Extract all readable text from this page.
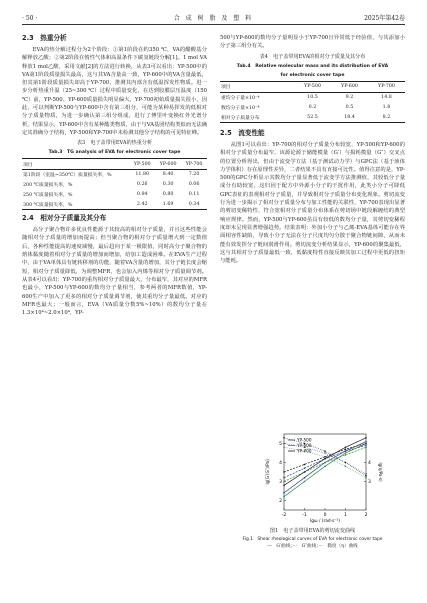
· 50 ·	合 成 树 脂 及 塑 料	2025年第42卷
2.3　热重分析

EVA的热分解过程分为2个阶段：①第1阶段在约350 ℃，VA的醋酸基分解释放乙酸；②第2阶段在惰性气体和高温条件下碳氢链段分解[1]。1 mol VA释放1 mol乙酸，采用文献[2]的方法进行转换，从表3可以看出：YP-500中的VA第1阶段质量损失最高，这与其VA含量高一致，YP-600中的VA含量最低，但其第1阶段质量损失却高于YP-700，推测其内部含有低温挥发性物质。进一步分析热重升温（25~300 ℃）过程中质量变化，在达到胶膜层压温度（150 ℃）前，YP-500、YP-600质量损失明显偏大，YP-700初始质量损失很小，因此，可以判断YP-500与YP-600中含有第三组分，可能为某种易挥发的低相对分子质量物质，为进一步确认第三组分组成，进行了傅里叶变换红外光谱分析，结果显示，YP-600中含有某种酯类物质，由于与VA基团结构类似而无法确定其准确分子结构，YP-500和YP-700中未检测其他分子结构的可见特征峰。

表3　电子盖带用EVA的热重分析
Tab.3　TG analysis of EVA for electronic cover tape
项目	YP-500	YP-600	YP-700
第1阶段（室温~350℃）质量损失率，%	11.80	8.40	7.20
200 ℃质量损失率，%	0.26	0.30	0.06
250 ℃质量损失率，%	0.94	0.80	0.11
300 ℃质量损失率，%	2.42	1.69	0.34
2.4　相对分子质量及其分布

高分子聚合物许多优良性能源于其较高的相对分子质量，并且这些性能会随相对分子质量的增加而提高；但当聚合物的相对分子质量增大到一定数值后，各种性能提高的速度减慢，最后趋向于某一极限值，同时高分子聚合物的熔体黏度随着相对分子质量的增加而增加，给加工造成困难。在EVA生产过程中，由于VA单体具有链转移剂的功能，随着VA含量的增加，其分子链长度会缩短，相对分子质量降低，为调整MFR，也会加入内烯等相对分子质量调节剂。从表4可以看出：YP-700的重均相对分子质量最大，分布最窄，其对应的MFR也最小，YP-500与YP-600的数均分子量相当，参考两者的MFR数值，YP-600生产中加入了更多的相对分子质量调节剂，使其重均分子量最低。对应的MFR也最大；一般而言，EVA（VA质量分数5%~10%）的数均分子量在1.3×10⁴~2.0×10⁴，YP-

500与YP-600的数均分子量明显小于YP-700且异常低于经验值，与其添加小分子第三组分有关。

表4　电子盖带用EVA的相对分子质量及其分布
Tab.4　Relative molecular mass and its distribution of EVA
for electronic cover tape
项目	YP-500	YP-600	YP-700
重均分子量×10⁻⁴	10.5	9.2	14.8
数均分子量×10⁻⁴	0.2	0.5	1.8
相对分子质量分布	52.5	18.4	8.2
2.5　流变性能

从图1可以看出：YP-700的相对分子质量分布较宽，YP-500和YP-600的相对分子质量分布最窄，该源论源于储能模量（G′）与损耗模量（G″）交叉点的位置分析得出，但由于流变学方法（基于测试动力学）与GPC法（基于液体力学体积）存在原理性差异，二者结果不具有直接可比性。值得注意的是，YP-500的GPC分析显示其数均分子量显著低于流变学方法推测值，其较低分子量成分有助较宽，这归因于配方中外源小分子的干扰作用，此类小分子可降低GPC表征的表观相对分子质量，并导致相对分子质量分布变化现象。剪切流变行为进一步揭示了相对分子质量分布与加工性能的关联性，YP-700表现出显著的剪切变稀特性，符合宽相对分子质量分布体系在剪切场中链段解缠结的典型响应规律。然而，YP-500与YP-600虽具有较低的数均分子量，其剪切变稀程度却未呈现显著增强趋势。结果表明：外加小分子与乙烯-EVA基体可能存在界面相容性缺陷，导致小分子无法在分子尺度均匀分散于聚合物链间隙，从而未能有效发挥分子链间润滑作用。剪切流变分析结果显示，YP-600的聚集最低，这与其相对分子质量最低一致，低黏度特性直接反映其加工过程中更低的扭矩与能耗。

-2	-1	0	1	2
2
3
4
5
3
4
lgω / (rad·s⁻¹)
lg[G′(G″)/Pa]	lg(η/Pa·s)
YP-500
YP-600
YP-700
图1　电子盖带用EVA的剪切流变曲线
Fig.1　Shear rheological curves of EVA for electronic cover tape
—　G′曲线；···　G″曲线；···　黏度（η）曲线
